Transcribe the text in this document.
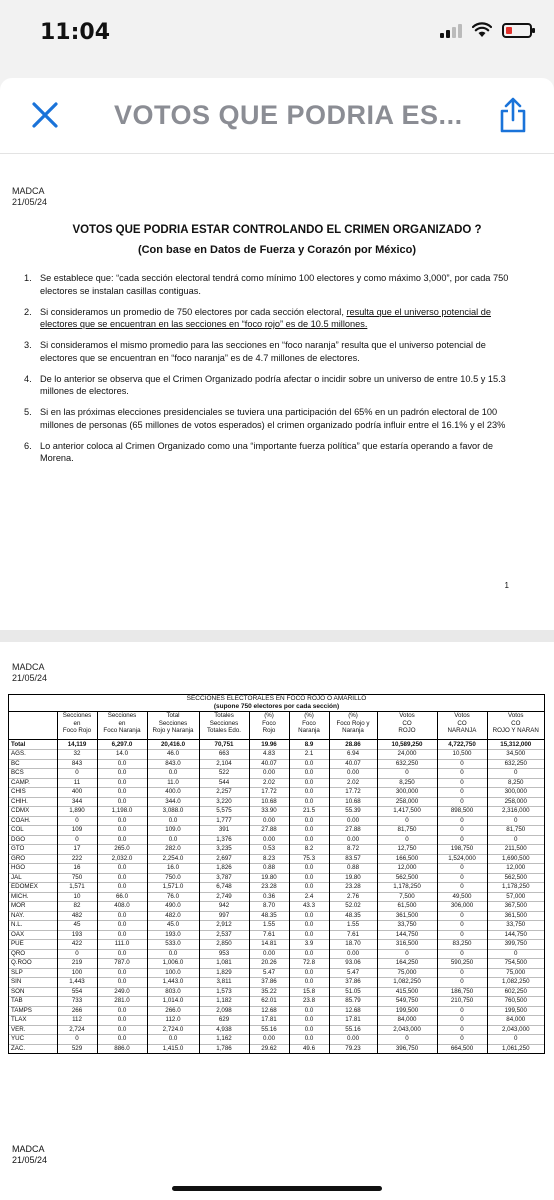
11:04
VOTOS QUE PODRIA ES...
MADCA
21/05/24
VOTOS QUE PODRIA ESTAR CONTROLANDO EL CRIMEN ORGANIZADO ?
(Con base en Datos de Fuerza y Corazón por México)
1. Se establece que: “cada sección electoral tendrá como mínimo 100 electores y como máximo 3,000”, por cada 750 electores se instalan casillas contiguas.
2. Si consideramos un promedio de 750 electores por cada sección electoral, resulta que el universo potencial de electores que se encuentran en las secciones en “foco rojo” es de 10.5 millones.
3. Si consideramos el mismo promedio para las secciones en “foco naranja” resulta que el universo potencial de electores que se encuentran en “foco naranja” es de 4.7 millones de electores.
4. De lo anterior se observa que el Crimen Organizado podría afectar o incidir sobre un universo de entre 10.5 y 15.3 millones de electores.
5. Si en las próximas elecciones presidenciales se tuviera una participación del 65% en un padrón electoral de 100 millones de personas (65 millones de votos esperados) el crimen organizado podría influir entre el 16.1% y el 23%
6. Lo anterior coloca al Crimen Organizado como una “importante fuerza política” que estaría operando a favor de Morena.
1
MADCA
21/05/24
SECCIONES ELECTORALES EN FOCO ROJO O AMARILLO
(supone 750 electores por cada sección)
	Secciones	Secciones	Total	Totales	(%)	(%)	(%)	Votos	Votos	Votos
	en	en	Secciones	Secciones	Foco	Foco	Foco Rojo y	CO	CO	CO
	Foco Rojo	Foco Naranja	Rojo y Naranja	Totales Edo.	Rojo	Naranja	Naranja	ROJO	NARANJA	ROJO Y NARAN
Total	14,119	6,297.0	20,416.0	70,751	19.96	8.9	28.86	10,589,250	4,722,750	15,312,000
AGS.	32	14.0	46.0	663	4.83	2.1	6.94	24,000	10,500	34,500
BC	843	0.0	843.0	2,104	40.07	0.0	40.07	632,250	0	632,250
BCS	0	0.0	0.0	522	0.00	0.0	0.00	0	0	0
CAMP.	11	0.0	11.0	544	2.02	0.0	2.02	8,250	0	8,250
CHIS	400	0.0	400.0	2,257	17.72	0.0	17.72	300,000	0	300,000
CHIH.	344	0.0	344.0	3,220	10.68	0.0	10.68	258,000	0	258,000
CDMX	1,890	1,198.0	3,088.0	5,575	33.90	21.5	55.39	1,417,500	898,500	2,316,000
COAH.	0	0.0	0.0	1,777	0.00	0.0	0.00	0	0	0
COL	109	0.0	109.0	391	27.88	0.0	27.88	81,750	0	81,750
DGO	0	0.0	0.0	1,376	0.00	0.0	0.00	0	0	0
GTO	17	265.0	282.0	3,235	0.53	8.2	8.72	12,750	198,750	211,500
GRO	222	2,032.0	2,254.0	2,697	8.23	75.3	83.57	166,500	1,524,000	1,690,500
HGO	16	0.0	16.0	1,826	0.88	0.0	0.88	12,000	0	12,000
JAL	750	0.0	750.0	3,787	19.80	0.0	19.80	562,500	0	562,500
EDOMEX	1,571	0.0	1,571.0	6,748	23.28	0.0	23.28	1,178,250	0	1,178,250
MICH.	10	66.0	76.0	2,749	0.36	2.4	2.76	7,500	49,500	57,000
MOR	82	408.0	490.0	942	8.70	43.3	52.02	61,500	306,000	367,500
NAY.	482	0.0	482.0	997	48.35	0.0	48.35	361,500	0	361,500
N.L.	45	0.0	45.0	2,912	1.55	0.0	1.55	33,750	0	33,750
OAX	193	0.0	193.0	2,537	7.61	0.0	7.61	144,750	0	144,750
PUE	422	111.0	533.0	2,850	14.81	3.9	18.70	316,500	83,250	399,750
QRO	0	0.0	0.0	953	0.00	0.0	0.00	0	0	0
Q.ROO	219	787.0	1,006.0	1,081	20.26	72.8	93.06	164,250	590,250	754,500
SLP	100	0.0	100.0	1,829	5.47	0.0	5.47	75,000	0	75,000
SIN	1,443	0.0	1,443.0	3,811	37.86	0.0	37.86	1,082,250	0	1,082,250
SON	554	249.0	803.0	1,573	35.22	15.8	51.05	415,500	186,750	602,250
TAB	733	281.0	1,014.0	1,182	62.01	23.8	85.79	549,750	210,750	760,500
TAMPS	266	0.0	266.0	2,098	12.68	0.0	12.68	199,500	0	199,500
TLAX	112	0.0	112.0	629	17.81	0.0	17.81	84,000	0	84,000
VER.	2,724	0.0	2,724.0	4,938	55.16	0.0	55.16	2,043,000	0	2,043,000
YUC	0	0.0	0.0	1,162	0.00	0.0	0.00	0	0	0
ZAC.	529	886.0	1,415.0	1,786	29.62	49.6	79.23	396,750	664,500	1,061,250
MADCA
21/05/24
